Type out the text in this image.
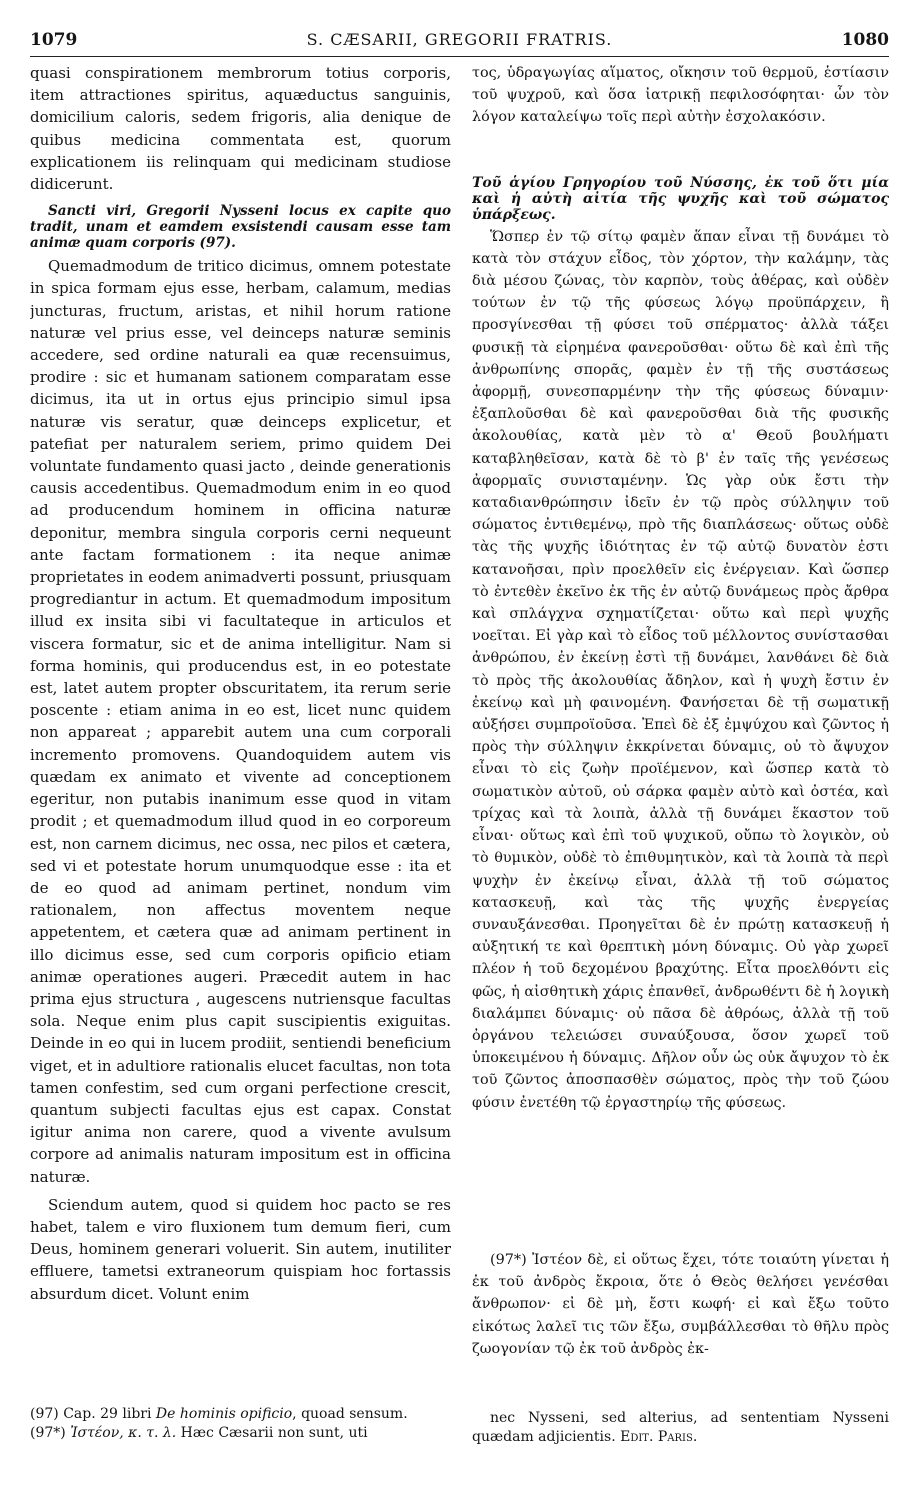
1079	S. CÆSARII, GREGORII FRATRIS.	1080

quasi conspirationem membrorum totius corporis, item attractiones spiritus, aquæductus sanguinis, domicilium caloris, sedem frigoris, alia denique de quibus medicina commentata est, quorum explicationem iis relinquam qui medicinam studiose didicerunt.

Sancti viri, Gregorii Nysseni locus ex capite quo tradit, unam et eamdem exsistendi causam esse tam animæ quam corporis (97).

Quemadmodum de tritico dicimus, omnem potestate in spica formam ejus esse, herbam, calamum, medias juncturas, fructum, aristas, et nihil horum ratione naturæ vel prius esse, vel deinceps naturæ seminis accedere, sed ordine naturali ea quæ recensuimus, prodire : sic et humanam sationem comparatam esse dicimus, ita ut in ortus ejus principio simul ipsa naturæ vis seratur, quæ deinceps explicetur, et patefiat per naturalem seriem, primo quidem Dei voluntate fundamento quasi jacto , deinde generationis causis accedentibus. Quemadmodum enim in eo quod ad producendum hominem in officina naturæ deponitur, membra singula corporis cerni nequeunt ante factam formationem : ita neque animæ proprietates in eodem animadverti possunt, priusquam progrediantur in actum. Et quemadmodum impositum illud ex insita sibi vi facultateque in articulos et viscera formatur, sic et de anima intelligitur. Nam si forma hominis, qui producendus est, in eo potestate est, latet autem propter obscuritatem, ita rerum serie poscente : etiam anima in eo est, licet nunc quidem non appareat ; apparebit autem una cum corporali incremento promovens. Quandoquidem autem vis quædam ex animato et vivente ad conceptionem egeritur, non putabis inanimum esse quod in vitam prodit ; et quemadmodum illud quod in eo corporeum est, non carnem dicimus, nec ossa, nec pilos et cætera, sed vi et potestate horum unumquodque esse : ita et de eo quod ad animam pertinet, nondum vim rationalem, non affectus moventem neque appetentem, et cætera quæ ad animam pertinent in illo dicimus esse, sed cum corporis opificio etiam animæ operationes augeri. Præcedit autem in hac prima ejus structura , augescens nutriensque facultas sola. Neque enim plus capit suscipientis exiguitas. Deinde in eo qui in lucem prodiit, sentiendi beneficium viget, et in adultiore rationalis elucet facultas, non tota tamen confestim, sed cum organi perfectione crescit, quantum subjecti facultas ejus est capax. Constat igitur anima non carere, quod a vivente avulsum corpore ad animalis naturam impositum est in officina naturæ.

Sciendum autem, quod si quidem hoc pacto se res habet, talem e viro fluxionem tum demum fieri, cum Deus, hominem generari voluerit. Sin autem, inutiliter effluere, tametsi extraneorum quispiam hoc fortassis absurdum dicet. Volunt enim

(97) Cap. 29 libri De hominis opificio, quoad sensum.

(97*) Ἰστέον, κ. τ. λ. Hæc Cæsarii non sunt, uti

τος, ὑδραγωγίας αἵματος, οἴκησιν τοῦ θερμοῦ, ἑστίασιν τοῦ ψυχροῦ, καὶ ὅσα ἰατρικῇ πεφιλοσόφηται· ὧν τὸν λόγον καταλείψω τοῖς περὶ αὐτὴν ἐσχολακόσιν.

Τοῦ ἁγίου Γρηγορίου τοῦ Νύσσης, ἐκ τοῦ ὅτι μία καὶ ἡ αὐτὴ αἰτία τῆς ψυχῆς καὶ τοῦ σώματος ὑπάρξεως.

Ὥσπερ ἐν τῷ σίτῳ φαμὲν ἅπαν εἶναι τῇ δυνάμει τὸ κατὰ τὸν στάχυν εἶδος, τὸν χόρτον, τὴν καλάμην, τὰς διὰ μέσου ζώνας, τὸν καρπὸν, τοὺς ἀθέρας, καὶ οὐδὲν τούτων ἐν τῷ τῆς φύσεως λόγῳ προϋπάρχειν, ἢ προσγίνεσθαι τῇ φύσει τοῦ σπέρματος· ἀλλὰ τάξει φυσικῇ τὰ εἰρημένα φανεροῦσθαι· οὕτω δὲ καὶ ἐπὶ τῆς ἀνθρωπίνης σπορᾶς, φαμὲν ἐν τῇ τῆς συστάσεως ἀφορμῇ, συνεσπαρμένην τὴν τῆς φύσεως δύναμιν· ἐξαπλοῦσθαι δὲ καὶ φανεροῦσθαι διὰ τῆς φυσικῆς ἀκολουθίας, κατὰ μὲν τὸ α' Θεοῦ βουλήματι καταβληθεῖσαν, κατὰ δὲ τὸ β' ἐν ταῖς τῆς γενέσεως ἀφορμαῖς συνισταμένην. Ὡς γὰρ οὐκ ἔστι τὴν καταδιανθρώπησιν ἰδεῖν ἐν τῷ πρὸς σύλληψιν τοῦ σώματος ἐντιθεμένῳ, πρὸ τῆς διαπλάσεως· οὕτως οὐδὲ τὰς τῆς ψυχῆς ἰδιότητας ἐν τῷ αὐτῷ δυνατὸν ἐστι κατανοῆσαι, πρὶν προελθεῖν εἰς ἐνέργειαν. Καὶ ὥσπερ τὸ ἐντεθὲν ἐκεῖνο ἐκ τῆς ἐν αὐτῷ δυνάμεως πρὸς ἄρθρα καὶ σπλάγχνα σχηματίζεται· οὕτω καὶ περὶ ψυχῆς νοεῖται. Εἰ γὰρ καὶ τὸ εἶδος τοῦ μέλλοντος συνίστασθαι ἀνθρώπου, ἐν ἐκείνῃ ἐστὶ τῇ δυνάμει, λανθάνει δὲ διὰ τὸ πρὸς τῆς ἀκολουθίας ἄδηλον, καὶ ἡ ψυχὴ ἔστιν ἐν ἐκείνῳ καὶ μὴ φαινομένη. Φανήσεται δὲ τῇ σωματικῇ αὐξήσει συμπροϊοῦσα. Ἐπεὶ δὲ ἐξ ἐμψύχου καὶ ζῶντος ἡ πρὸς τὴν σύλληψιν ἐκκρίνεται δύναμις, οὐ τὸ ἄψυχον εἶναι τὸ εἰς ζωὴν προϊέμενον, καὶ ὥσπερ κατὰ τὸ σωματικὸν αὐτοῦ, οὐ σάρκα φαμὲν αὐτὸ καὶ ὀστέα, καὶ τρίχας καὶ τὰ λοιπὰ, ἀλλὰ τῇ δυνάμει ἕκαστον τοῦ εἶναι· οὕτως καὶ ἐπὶ τοῦ ψυχικοῦ, οὔπω τὸ λογικὸν, οὐ τὸ θυμικὸν, οὐδὲ τὸ ἐπιθυμητικὸν, καὶ τὰ λοιπὰ τὰ περὶ ψυχὴν ἐν ἐκείνῳ εἶναι, ἀλλὰ τῇ τοῦ σώματος κατασκευῇ, καὶ τὰς τῆς ψυχῆς ἐνεργείας συναυξάνεσθαι. Προηγεῖται δὲ ἐν πρώτῃ κατασκευῇ ἡ αὐξητική τε καὶ θρεπτικὴ μόνη δύναμις. Οὐ γὰρ χωρεῖ πλέον ἡ τοῦ δεχομένου βραχύτης. Εἶτα προελθόντι εἰς φῶς, ἡ αἰσθητικὴ χάρις ἐπανθεῖ, ἀνδρωθέντι δὲ ἡ λογικὴ διαλάμπει δύναμις· οὐ πᾶσα δὲ ἀθρόως, ἀλλὰ τῇ τοῦ ὀργάνου τελειώσει συναύξουσα, ὅσον χωρεῖ τοῦ ὑποκειμένου ἡ δύναμις. Δῆλον οὖν ὡς οὐκ ἄψυχον τὸ ἐκ τοῦ ζῶντος ἀποσπασθὲν σώματος, πρὸς τὴν τοῦ ζώου φύσιν ἐνετέθη τῷ ἐργαστηρίῳ τῆς φύσεως.

(97*) Ἰστέον δὲ, εἰ οὕτως ἔχει, τότε τοιαύτη γίνεται ἡ ἐκ τοῦ ἀνδρὸς ἔκροια, ὅτε ὁ Θεὸς θελήσει γενέσθαι ἄνθρωπον· εἰ δὲ μὴ, ἔστι κωφή· εἰ καὶ ἔξω τοῦτο εἰκότως λαλεῖ τις τῶν ἔξω, συμβάλλεσθαι τὸ θῆλυ πρὸς ζωογονίαν τῷ ἐκ τοῦ ἀνδρὸς ἐκ-

nec Nysseni, sed alterius, ad sententiam Nysseni quædam adjicientis. Edit. Paris.
